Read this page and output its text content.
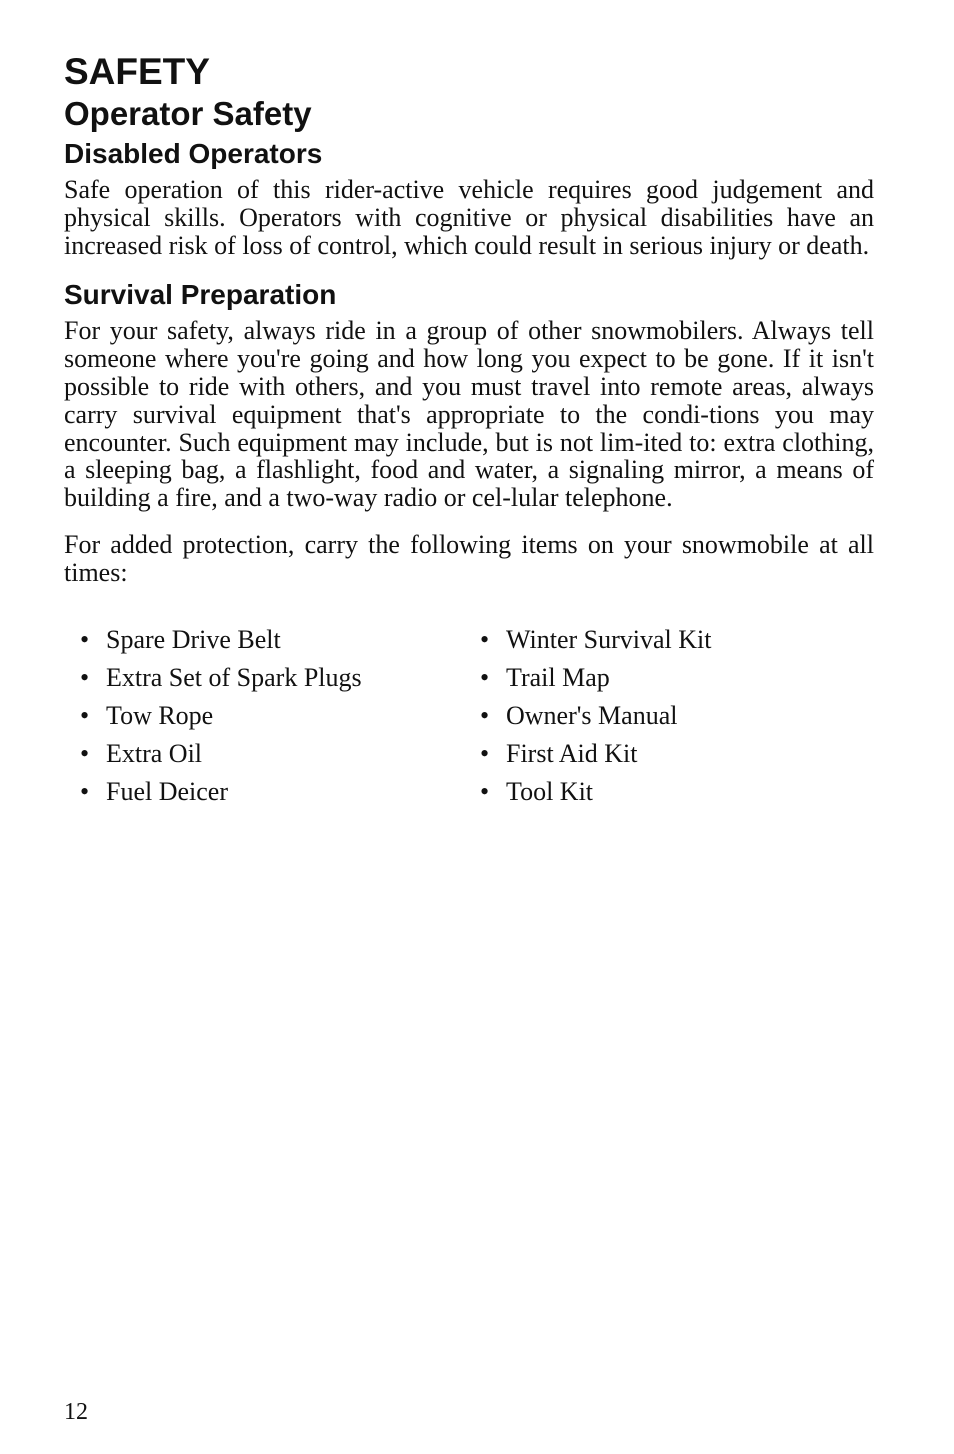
SAFETY
Operator Safety
Disabled Operators

Safe operation of this rider-active vehicle requires good judgement and physical skills. Operators with cognitive or physical disabilities have an increased risk of loss of control, which could result in serious injury or death.

Survival Preparation

For your safety, always ride in a group of other snowmobilers. Always tell someone where you're going and how long you expect to be gone. If it isn't possible to ride with others, and you must travel into remote areas, always carry survival equipment that's appropriate to the condi-tions you may encounter. Such equipment may include, but is not lim-ited to: extra clothing, a sleeping bag, a flashlight, food and water, a signaling mirror, a means of building a fire, and a two-way radio or cel-lular telephone.

For added protection, carry the following items on your snowmobile at all times:

• Spare Drive Belt
• Extra Set of Spark Plugs
• Tow Rope
• Extra Oil
• Fuel Deicer
• Winter Survival Kit
• Trail Map
• Owner's Manual
• First Aid Kit
• Tool Kit
12
